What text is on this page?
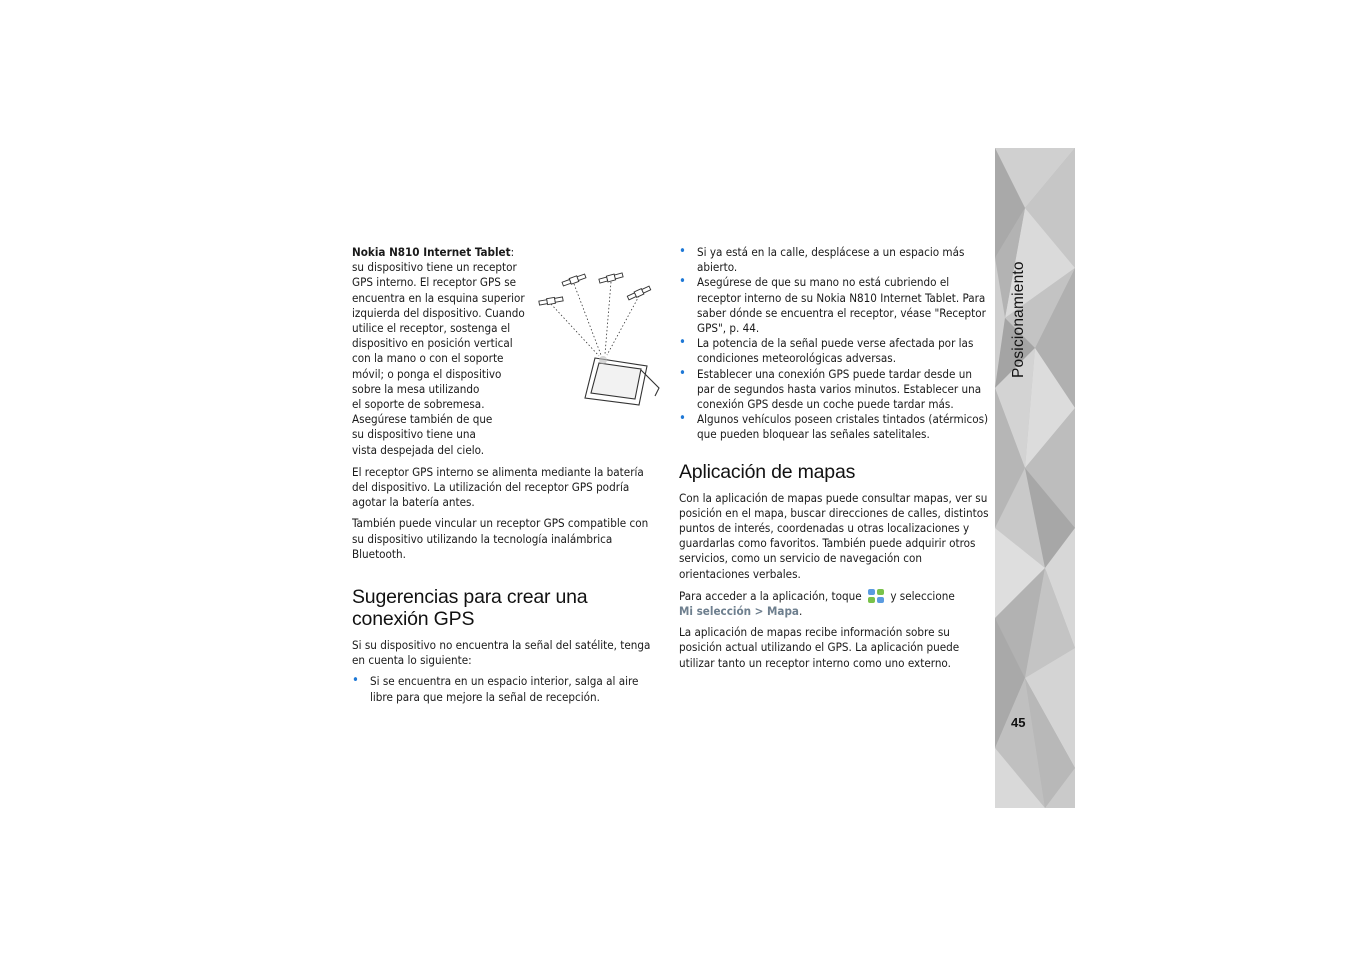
Posicionamiento
45

Nokia N810 Internet Tablet:

su dispositivo tiene un receptor

GPS interno. El receptor GPS se

encuentra en la esquina superior

izquierda del dispositivo. Cuando

utilice el receptor, sostenga el

dispositivo en posición vertical

con la mano o con el soporte

móvil; o ponga el dispositivo

sobre la mesa utilizando

el soporte de sobremesa.

Asegúrese también de que

su dispositivo tiene una

vista despejada del cielo.

El receptor GPS interno se alimenta mediante la batería del dispositivo. La utilización del receptor GPS podría agotar la batería antes.

También puede vincular un receptor GPS compatible con su dispositivo utilizando la tecnología inalámbrica Bluetooth.

Sugerencias para crear una conexión GPS

Si su dispositivo no encuentra la señal del satélite, tenga en cuenta lo siguiente:

• Si se encuentra en un espacio interior, salga al aire libre para que mejore la señal de recepción.
• Si ya está en la calle, desplácese a un espacio más abierto.
• Asegúrese de que su mano no está cubriendo el receptor interno de su Nokia N810 Internet Tablet. Para saber dónde se encuentra el receptor, véase "Receptor GPS", p. 44.
• La potencia de la señal puede verse afectada por las condiciones meteorológicas adversas.
• Establecer una conexión GPS puede tardar desde un par de segundos hasta varios minutos. Establecer una conexión GPS desde un coche puede tardar más.
• Algunos vehículos poseen cristales tintados (atérmicos) que pueden bloquear las señales satelitales.
Aplicación de mapas

Con la aplicación de mapas puede consultar mapas, ver su posición en el mapa, buscar direcciones de calles, distintos puntos de interés, coordenadas u otras localizaciones y guardarlas como favoritos. También puede adquirir otros servicios, como un servicio de navegación con orientaciones verbales.

Para acceder a la aplicación, toque y seleccione
Mi selección > Mapa.

La aplicación de mapas recibe información sobre su posición actual utilizando el GPS. La aplicación puede utilizar tanto un receptor interno como uno externo.
